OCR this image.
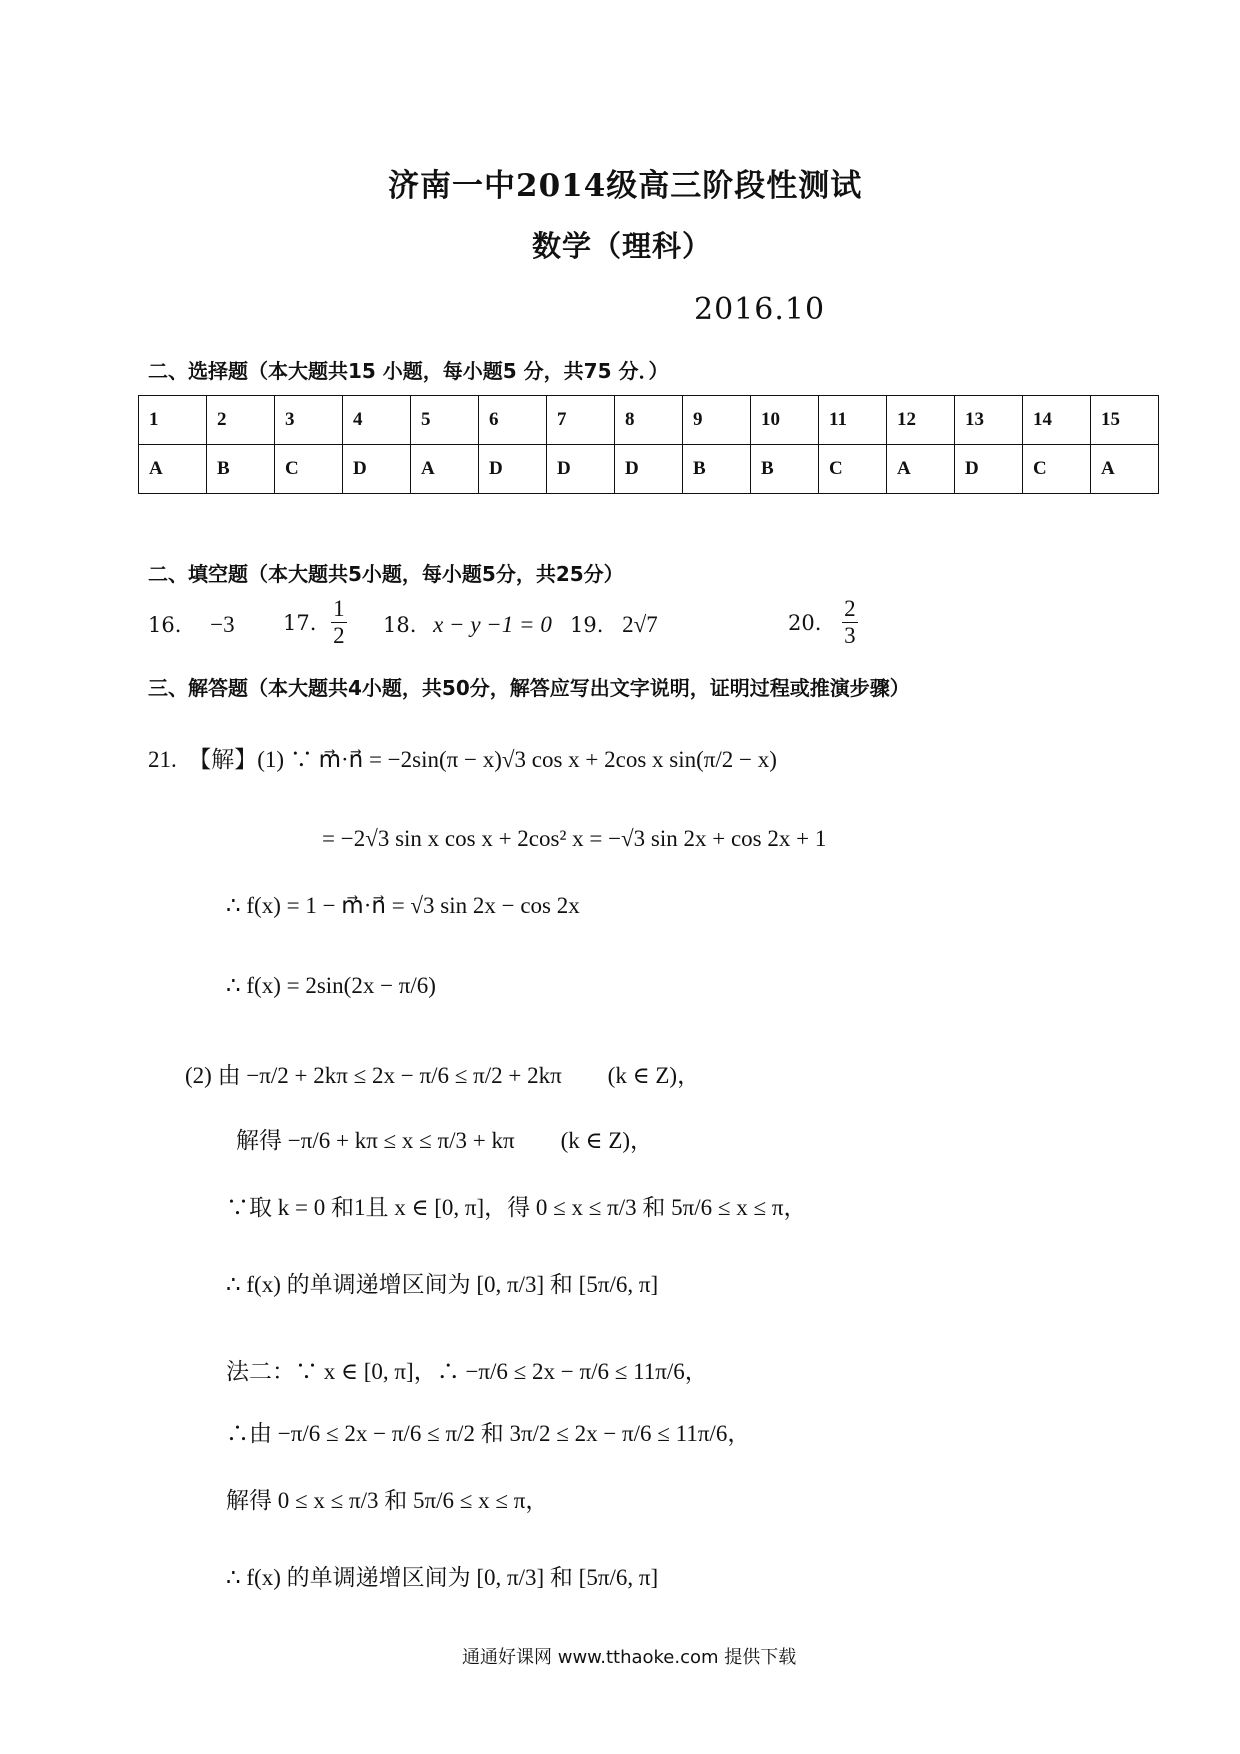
济南一中2014级高三阶段性测试
数学（理科）
2016.10
二、选择题（本大题共15 小题，每小题5 分，共75 分．）
1	2	3	4	5	6	7	8	9	10	11	12	13	14	15
A	B	C	D	A	D	D	D	B	B	C	A	D	C	A
二、填空题（本大题共5小题，每小题5分，共25分）
16. −3 17. $\frac{1}{2} 18$. x − y −1 = 0 19. 2√7	20. $\frac{2}{3}$
三、解答题（本大题共4小题，共50分，解答应写出文字说明，证明过程或推演步骤）
21.　【解】(1) ∵ m⃗·n⃗ = −2sin(π − x)√3 cos x + 2cos x sin(π/2 − x)
= −2√3 sin x cos x + 2cos² x = −√3 sin 2x + cos 2x + 1
∴ f(x) = 1 − m⃗·n⃗ = √3 sin 2x − cos 2x
∴ f(x) = 2sin(2x − π/6)
(2) 由 −π/2 + 2kπ ≤ 2x − π/6 ≤ π/2 + 2kπ　　(k ∈ Z)，
解得 −π/6 + kπ ≤ x ≤ π/3 + kπ　　(k ∈ Z)，
∵取 k = 0 和1且 x ∈ [0, π]，得 0 ≤ x ≤ π/3 和 5π/6 ≤ x ≤ π，
∴ f(x) 的单调递增区间为 [0, π/3] 和 [5π/6, π]
法二：∵ x ∈ [0, π]，∴ −π/6 ≤ 2x − π/6 ≤ 11π/6，
∴由 −π/6 ≤ 2x − π/6 ≤ π/2 和 3π/2 ≤ 2x − π/6 ≤ 11π/6，
解得 0 ≤ x ≤ π/3 和 5π/6 ≤ x ≤ π，
∴ f(x) 的单调递增区间为 [0, π/3] 和 [5π/6, π]
通通好课网 www.tthaoke.com 提供下载
